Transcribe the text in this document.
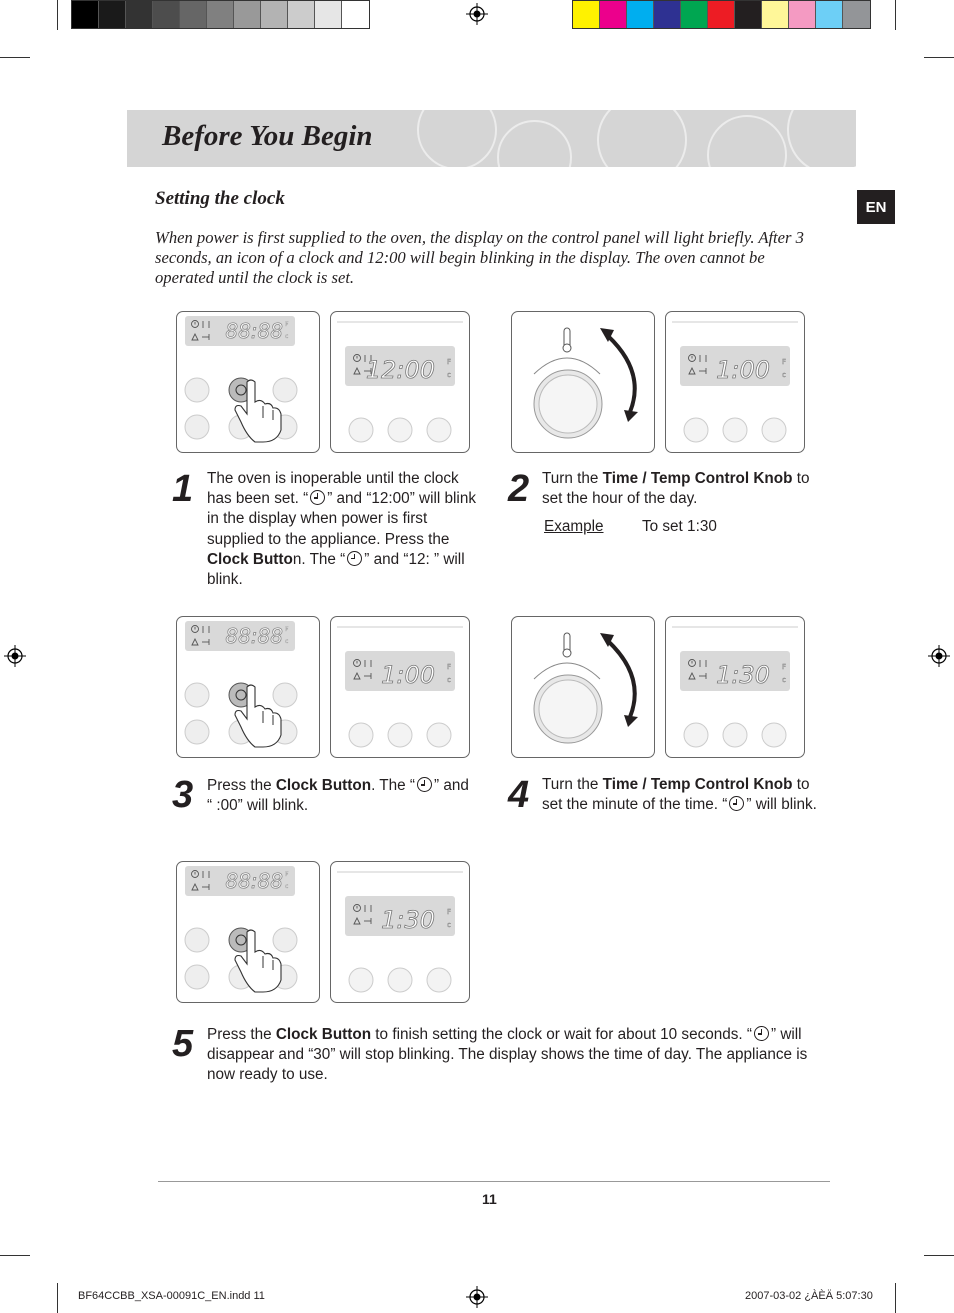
Before You Begin
EN
Setting the clock
When power is first supplied to the oven, the display on the control panel will light briefly. After 3 seconds, an icon of a clock and 12:00 will begin blinking in the display. The oven cannot be operated until the clock is set.
88:88 F
c
12:00 F
c	1:00 F
c
88:88 F
c
1:00 F
c	1:30 F
c
88:88 F
c
1:30 F
c
1 The oven is inoperable until the clock has been set. “ ” and “12:00” will blink in the display when power is first supplied to the appliance. Press the Clock Button. The “ ” and “12: ” will blink.
2 Turn the Time / Temp Control Knob to set the hour of the day.
Example	To set 1:30
3 Press the Clock Button. The “ ” and “ :00” will blink.	4 Turn the Time / Temp Control Knob to set the minute of the time. “ ” will blink.
5 Press the Clock Button to finish setting the clock or wait for about 10 seconds. “ ” will disappear and “30” will stop blinking. The display shows the time of day. The appliance is now ready to use.
11
BF64CCBB_XSA-00091C_EN.indd 11	2007-03-02 ¿ÀÈÄ 5:07:30
